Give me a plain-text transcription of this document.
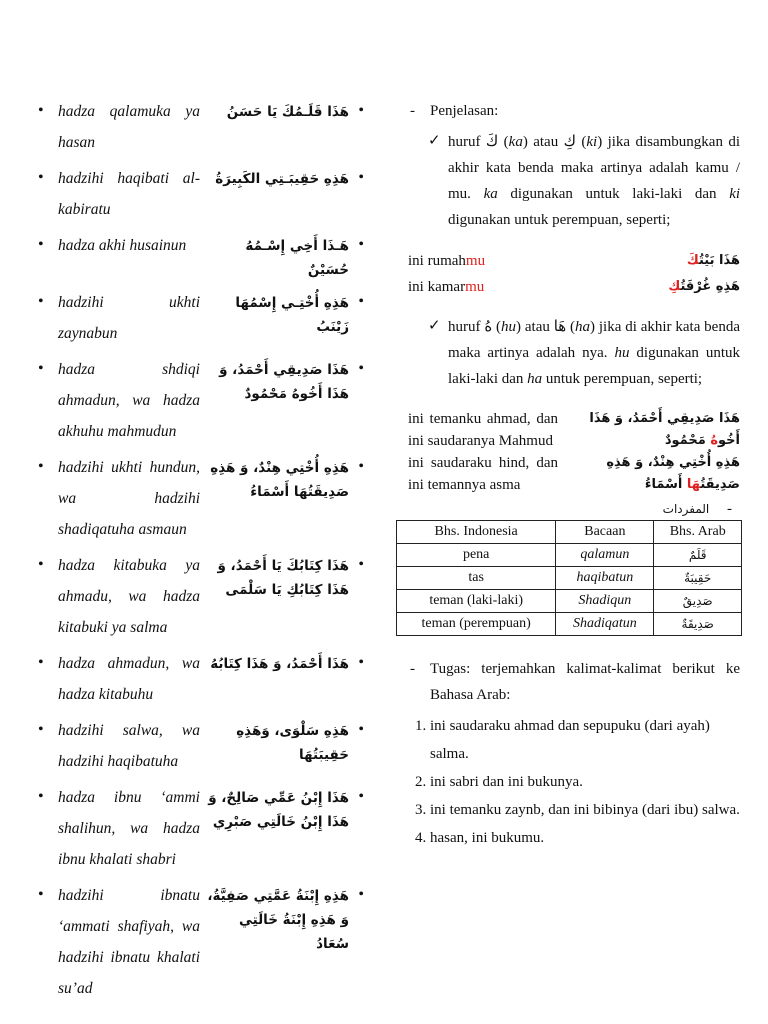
• hadza qalamuka ya hasan
هَذَا قَلَـمُكَ يَا حَسَنُ •
• hadzihi haqibati al-kabiratu
هَذِهِ حَقِيبَـتِي الكَبِيرَةُ •
• hadza akhi husainun	هَـذَا أَخِي إِسْـمُهُ حُسَيْنٌ
•
• hadzihi ukhti zaynabun
هَذِهِ أُخْتِـي إِسْمُهَا زَيْنَبُ
•
• hadza shdiqi ahmadun, wa hadza akhuhu mahmudun
هَذَا صَدِيقِي أَحْمَدُ، وَ هَذَا أَخُوهُ مَحْمُودٌ
•
• hadzihi ukhti hundun, wa hadzihi shadiqatuha asmaun
هَذِهِ أُخْتِي هِنْدٌ، وَ هَذِهِ صَدِيقَتُهَا أَسْمَاءُ
•
• hadza kitabuka ya ahmadu, wa hadza kitabuki ya salma
هَذَا كِتَابُكَ يَا أَحْمَدُ، وَ هَذَا كِتَابُكِ يَا سَلْمَى
•
• hadza ahmadun, wa hadza kitabuhu
هَذَا أَحْمَدُ، وَ هَذَا كِتَابُهُ •
• hadzihi salwa, wa hadzihi haqibatuha
هَذِهِ سَلْوَى، وَهَذِهِ حَقِيبَتُهَا
•
• hadza ibnu ‘ammi shalihun, wa hadza ibnu khalati shabri
هَذَا إِبْنُ عَمِّي صَالِحٌ، وَ هَذَا إِبْنُ خَالَتِي صَبْرِي
•
• hadzihi ibnatu ‘ammati shafiyah, wa hadzihi ibnatu khalati su’ad
هَذِهِ إِبْنَةُ عَمَّتِي صَفِيَّةُ، وَ هَذِهِ إِبْنَةُ خَالَتِي سُعَادُ
•
- Penjelasan:
✓ huruf كَ (ka) atau كِ (ki) jika disambungkan di akhir kata benda maka artinya adalah kamu / mu. ka digunakan untuk laki-laki dan ki digunakan untuk perempuan, seperti;
ini rumahmu	هَذَا بَيْتُكَ
ini kamarmu	هَذِهِ غُرْفَتُكِ
✓ huruf هُ (hu) atau هَا (ha) jika di akhir kata benda maka artinya adalah nya. hu digunakan untuk laki-laki dan ha untuk perempuan, seperti;
ini temanku ahmad, dan ini saudaranya Mahmud
هَذَا صَدِيقِي أَحْمَدُ، وَ هَذَا أَخُوهُ مَحْمُودٌ
ini saudaraku hind, dan ini temannya asma
هَذِهِ أُخْتِي هِنْدٌ، وَ هَذِهِ صَدِيقَتُهَا أَسْمَاءُ
المفردات -
Bhs. Indonesia	Bacaan	Bhs. Arab
pena	qalamun	قَلَمٌ
tas	haqibatun	حَقِيبَةٌ
teman (laki-laki)	Shadiqun	صَدِيقٌ
teman (perempuan)	Shadiqatun	صَدِيقَةٌ
- Tugas: terjemahkan kalimat-kalimat berikut ke Bahasa Arab:
1. ini saudaraku ahmad dan sepupuku (dari ayah) salma.
2. ini sabri dan ini bukunya.
3. ini temanku zaynb, dan ini bibinya (dari ibu) salwa.
4. hasan, ini bukumu.
